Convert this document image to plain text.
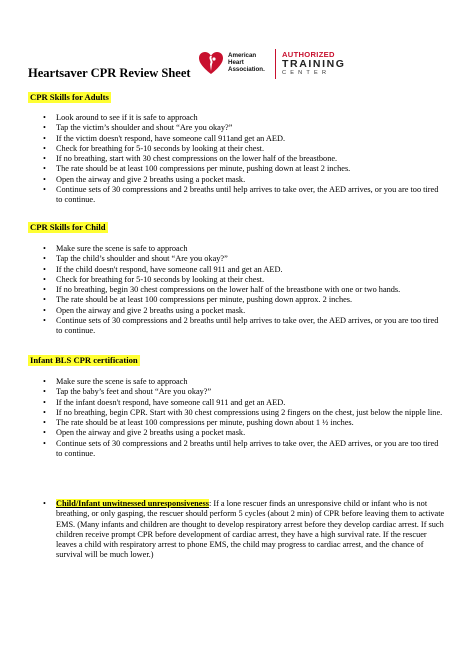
Heartsaver CPR Review Sheet
American
Heart
Association.
AUTHORIZED
TRAINING
CENTER
CPR Skills for Adults
• Look around to see if it is safe to approach
• Tap the victim’s shoulder and shout “Are you okay?”
• If the victim doesn't respond, have someone call 911and get an AED.
• Check for breathing for 5-10 seconds by looking at their chest.
• If no breathing, start with 30 chest compressions on the lower half of the breastbone.
• The rate should be at least 100 compressions per minute, pushing down at least 2 inches.
• Open the airway and give 2 breaths using a pocket mask.
• Continue sets of 30 compressions and 2 breaths until help arrives to take over, the AED arrives, or you are too tired to continue.
CPR Skills for Child
• Make sure the scene is safe to approach
• Tap the child’s shoulder and shout “Are you okay?”
• If the child doesn't respond, have someone call 911 and get an AED.
• Check for breathing for 5-10 seconds by looking at their chest.
• If no breathing, begin 30 chest compressions on the lower half of the breastbone with one or two hands.
• The rate should be at least 100 compressions per minute, pushing down approx. 2 inches.
• Open the airway and give 2 breaths using a pocket mask.
• Continue sets of 30 compressions and 2 breaths until help arrives to take over, the AED arrives, or you are too tired to continue.
Infant BLS CPR certification
• Make sure the scene is safe to approach
• Tap the baby’s feet and shout “Are you okay?”
• If the infant doesn't respond, have someone call 911 and get an AED.
• If no breathing, begin CPR. Start with 30 chest compressions using 2 fingers on the chest, just below the nipple line.
• The rate should be at least 100 compressions per minute, pushing down about 1 ½ inches.
• Open the airway and give 2 breaths using a pocket mask.
• Continue sets of 30 compressions and 2 breaths until help arrives to take over, the AED arrives, or you are too tired to continue.

• Child/Infant unwitnessed unresponsiveness: If a lone rescuer finds an unresponsive child or infant who is not breathing, or only gasping, the rescuer should perform 5 cycles (about 2 min) of CPR before leaving them to activate EMS. (Many infants and children are thought to develop respiratory arrest before they develop cardiac arrest. If such children receive prompt CPR before development of cardiac arrest, they have a high survival rate. If the rescuer leaves a child with respiratory arrest to phone EMS, the child may progress to cardiac arrest, and the chance of survival will be much lower.)
